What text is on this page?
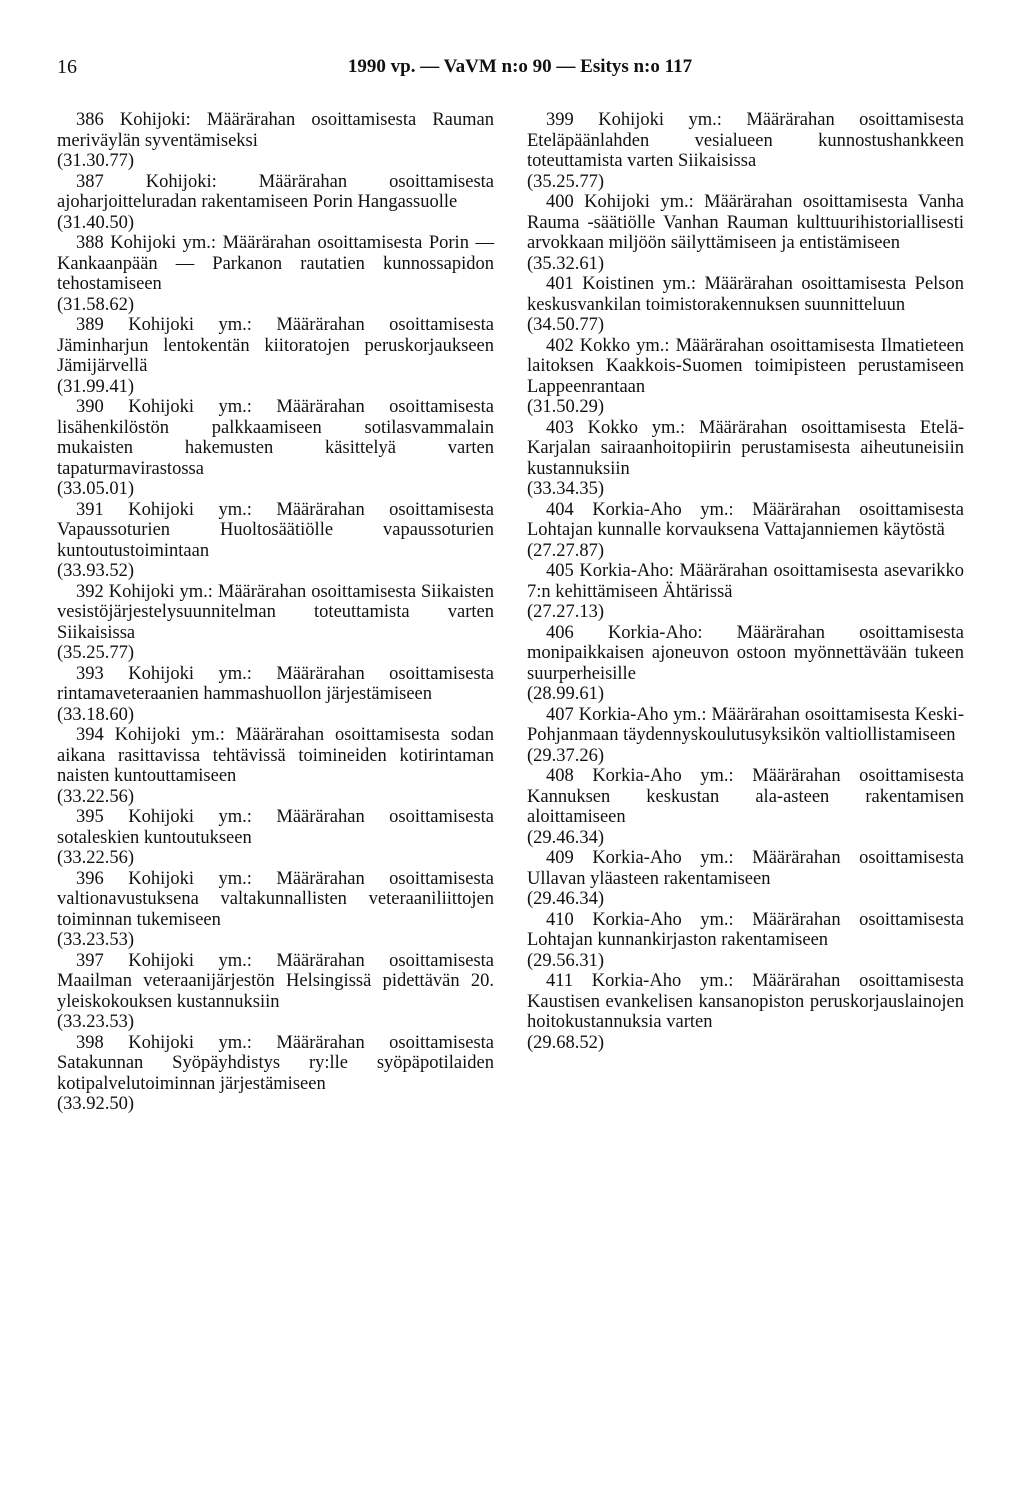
16	1990 vp. — VaVM n:o 90 — Esitys n:o 117

386 Kohijoki: Määrärahan osoittamisesta Rauman meriväylän syventämiseksi

(31.30.77)

387 Kohijoki: Määrärahan osoittamisesta ajoharjoitteluradan rakentamiseen Porin Hangassuolle

(31.40.50)

388 Kohijoki ym.: Määrärahan osoittamisesta Porin — Kankaanpään — Parkanon rautatien kunnossapidon tehostamiseen

(31.58.62)

389 Kohijoki ym.: Määrärahan osoittamisesta Jäminharjun lentokentän kiitoratojen peruskorjaukseen Jämijärvellä

(31.99.41)

390 Kohijoki ym.: Määrärahan osoittamisesta lisähenkilöstön palkkaamiseen sotilasvammalain mukaisten hakemusten käsittelyä varten tapaturmavirastossa

(33.05.01)

391 Kohijoki ym.: Määrärahan osoittamisesta Vapaussoturien Huoltosäätiölle vapaussoturien kuntoutustoimintaan

(33.93.52)

392 Kohijoki ym.: Määrärahan osoittamisesta Siikaisten vesistöjärjestelysuunnitelman toteuttamista varten Siikaisissa

(35.25.77)

393 Kohijoki ym.: Määrärahan osoittamisesta rintamaveteraanien hammashuollon järjestämiseen

(33.18.60)

394 Kohijoki ym.: Määrärahan osoittamisesta sodan aikana rasittavissa tehtävissä toimineiden kotirintaman naisten kuntouttamiseen

(33.22.56)

395 Kohijoki ym.: Määrärahan osoittamisesta sotaleskien kuntoutukseen

(33.22.56)

396 Kohijoki ym.: Määrärahan osoittamisesta valtionavustuksena valtakunnallisten veteraaniliittojen toiminnan tukemiseen

(33.23.53)

397 Kohijoki ym.: Määrärahan osoittamisesta Maailman veteraanijärjestön Helsingissä pidettävän 20. yleiskokouksen kustannuksiin

(33.23.53)

398 Kohijoki ym.: Määrärahan osoittamisesta Satakunnan Syöpäyhdistys ry:lle syöpäpotilaiden kotipalvelutoiminnan järjestämiseen

(33.92.50)

399 Kohijoki ym.: Määrärahan osoittamisesta Eteläpäänlahden vesialueen kunnostushankkeen toteuttamista varten Siikaisissa

(35.25.77)

400 Kohijoki ym.: Määrärahan osoittamisesta Vanha Rauma -säätiölle Vanhan Rauman kulttuurihistoriallisesti arvokkaan miljöön säilyttämiseen ja entistämiseen

(35.32.61)

401 Koistinen ym.: Määrärahan osoittamisesta Pelson keskusvankilan toimistorakennuksen suunnitteluun

(34.50.77)

402 Kokko ym.: Määrärahan osoittamisesta Ilmatieteen laitoksen Kaakkois-Suomen toimipisteen perustamiseen Lappeenrantaan

(31.50.29)

403 Kokko ym.: Määrärahan osoittamisesta Etelä-Karjalan sairaanhoitopiirin perustamisesta aiheutuneisiin kustannuksiin

(33.34.35)

404 Korkia-Aho ym.: Määrärahan osoittamisesta Lohtajan kunnalle korvauksena Vattajanniemen käytöstä

(27.27.87)

405 Korkia-Aho: Määrärahan osoittamisesta asevarikko 7:n kehittämiseen Ähtärissä

(27.27.13)

406 Korkia-Aho: Määrärahan osoittamisesta monipaikkaisen ajoneuvon ostoon myönnettävään tukeen suurperheisille

(28.99.61)

407 Korkia-Aho ym.: Määrärahan osoittamisesta Keski-Pohjanmaan täydennyskoulutusyksikön valtiollistamiseen

(29.37.26)

408 Korkia-Aho ym.: Määrärahan osoittamisesta Kannuksen keskustan ala-asteen rakentamisen aloittamiseen

(29.46.34)

409 Korkia-Aho ym.: Määrärahan osoittamisesta Ullavan yläasteen rakentamiseen

(29.46.34)

410 Korkia-Aho ym.: Määrärahan osoittamisesta Lohtajan kunnankirjaston rakentamiseen

(29.56.31)

411 Korkia-Aho ym.: Määrärahan osoittamisesta Kaustisen evankelisen kansanopiston peruskorjauslainojen hoitokustannuksia varten

(29.68.52)
